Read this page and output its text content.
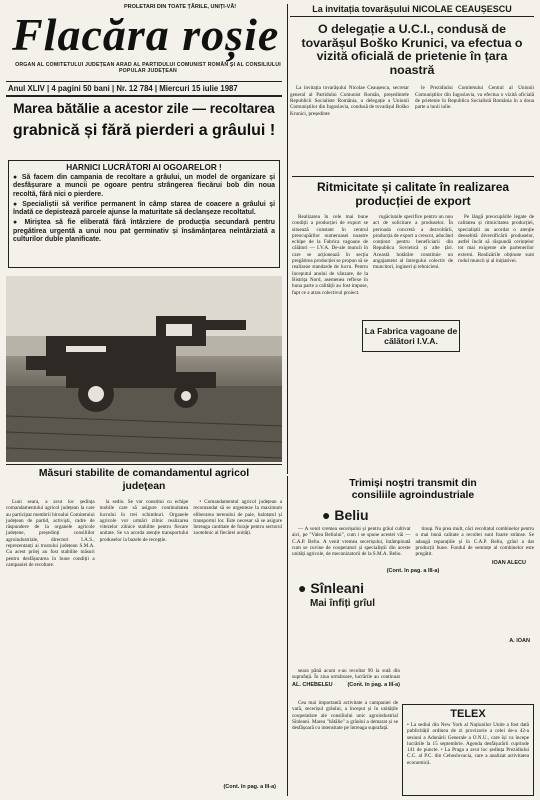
PROLETARI DIN TOATE ȚĂRILE, UNIȚI-VĂ!
Flacăra roșie
ORGAN AL COMITETULUI JUDEȚEAN ARAD AL PARTIDULUI COMUNIST ROMÂN ȘI AL CONSILIULUI POPULAR JUDEȚEAN
Anul XLIV | 4 pagini 50 bani | Nr. 12 784 | Miercuri 15 iulie 1987
La invitația tovarășului NICOLAE CEAUȘESCU
O delegație a U.C.I., condusă de tovarășul Boško Krunici, va efectua o vizită oficială de prietenie în țara noastră

La invitația tovarășului Nicolae Ceaușescu, secretar general al Partidului Comunist Român, președintele Republicii Socialiste România, o delegație a Uniunii Comuniștilor din Iugoslavia, condusă de tovarășul Boško Krunici, președinte

le Prezidiului Comitetului Central al Uniunii Comuniștilor din Iugoslavia, va efectua o vizită oficială de prietenie în Republica Socialistă România în a doua parte a lunii iulie.

Marea bătălie a acestor zile — recoltarea
grabnică și fără pierderi a grâului !
HARNICI LUCRĂTORI AI OGOARELOR !
● Să facem din campania de recoltare a grâului, un model de organizare și desfășurare a muncii pe ogoare pentru strângerea fiecărui bob din noua recoltă, fără nici o pierdere.
● Specialiștii să verifice permanent în câmp starea de coacere a grâului și îndată ce depistează parcele ajunse la maturitate să declanșeze recoltatul.
● Miriștea să fie eliberată fără întârziere de producția secundară pentru pregătirea urgentă a unui nou pat germinativ și însămânțarea neîntârziată a culturilor duble planificate.
Ritmicitate și calitate în realizarea producției de export

Realizarea în cele mai bune condiții a producției de export se situează constant în centrul preocupărilor numeroasei noastre echipe de la Fabrica vagoane de călători — I.V.A. De-ale muncii în care se acționează în secția pregătirea producției se propun să se realizeze standarde de lucru. Pentru începutul anului de vânzare, de la Bistrița Nord, asemenea reflexe în buna parte a calității au fost impuse, fapt ce a atras colectivul proiect.

rugăciunile specifice pentru un nou act de solicitare a produselor. În perioada concretă a dezvoltării, producția de export a crescut, aducând conținut pentru beneficiarii din Republica Sovietică și alte țări. Această hotărâre constituie un angajament al întregului colectiv de muncitori, ingineri și tehnicieni.

Pe lângă preocupările legate de calitatea și ritmicitatea producției, specialiștii au acordat o atenție deosebită diversificării produselor, astfel încât să răspundă cerințelor tot mai exigente ale partenerilor externi. Realizările obținute sunt rodul muncii și al inițiativei.

La Fabrica vagoane de călători I.V.A.
A. IOAN
Măsuri stabilite de comandamentul agricol județean

Luni seara, a avut loc ședința comandamentului agricol județean la care au participat membrii biroului Comitetului județean de partid, activiști, cadre de răspundere de la organele agricole județene, președinți consiliilor agroindustriale, directori I.A.S., reprezentanți ai trustului județean S.M.A. Cu acest prilej au fost stabilite măsuri pentru desfășurarea în bune condiții a campaniei de recoltare.

la sediu. Se vor constitui cu echipe mobile care să asigure continuitatea lucrului în trei schimburi. Organele agricole vor urmări zilnic realizarea vitezelor zilnice stabilite pentru fiecare unitate. Se va acorda atenție transportului produselor la bazele de recepție.

• Comandamentul agricol județean a recomandat să se urgenteze la maximum eliberarea terenului de paie, balotatul și transportul lor. Este necesar să se asigure întreaga cantitate de furaje pentru sectorul zootehnic al fiecărei unități.

(Cont. în pag. a III-a)
Trimiși noștri transmit din
consiliile agroindustriale
● Beliu

— A venit vremea secerișului și pentru grâul cultivat aici, pe "Valea Beliului", cum i se spune acestei văi — C.A.P. Beliu. A venit vremea secerișului, întâmpinată cum se cuvine de cooperatori și specialiștii din aceste unități agricole, de mecanizatorii de la S.M.A. Beliu.

tinup. Nu prea mult, căci recoltatul combinelor pentru o mai bună calitate a recoltei sunt foarte strânse. Se adaugă reparațiile și în C.A.P. Beliu, grâul a dat producții bune. Fondul de semințe al combinelor este pregătit.

IOAN ALECU
(Cont. în pag. a III-a)
● Sînleani
Mai înfiți grîul

Cea mai importantă activitate a campaniei de vară, secerișul grâului, a început și în unitățile cooperatiste ale consiliului unic agroindustrial Sînleani. Marea "bătălie" a grâului a demarat și se desfășoară cu intensitate pe întreaga suprafață.

TELEX

• La sediul din New York al Națiunilor Unite a fost dată publicității ordinea de zi provizorie a celei de-a 42-a sesiuni a Adunării Generale a O.N.U., care își va începe lucrările la 15 septembrie. Agenda desfășurării cuprinde 141 de puncte. • La Praga a avut loc ședința Prezidiului C.C. al P.C. din Cehoslovacia, care a analizat activitatea economică.

seara până acum s-au recoltat 90 la sută din suprafață. În ziua următoare, lucrările au continuat

AL. CHEBELEU	(Cont. în pag. a III-a)
